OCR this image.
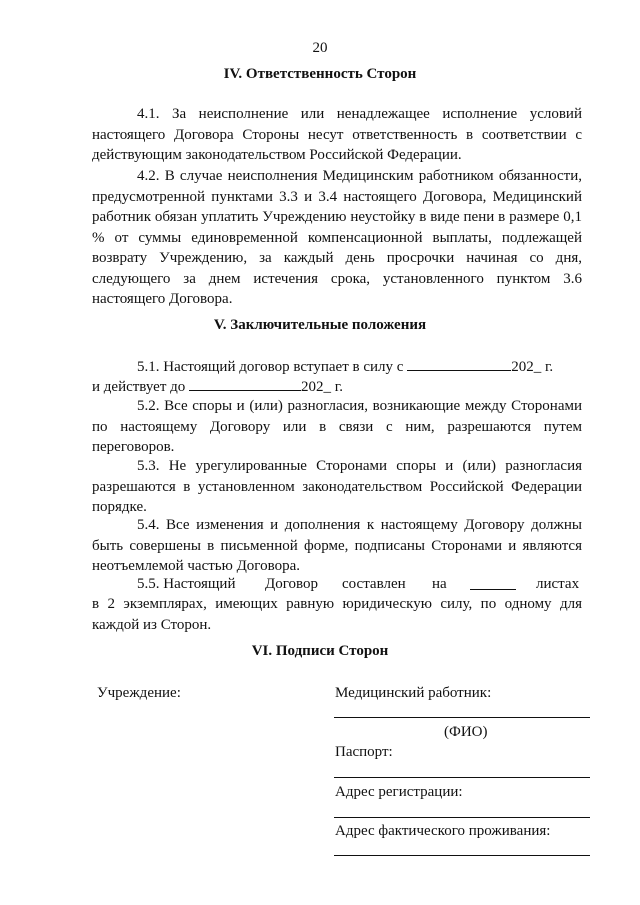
20
IV. Ответственность Сторон

4.1. За неисполнение или ненадлежащее исполнение условий настоящего Договора Стороны несут ответственность в соответствии с действующим законодательством Российской Федерации.

4.2. В случае неисполнения Медицинским работником обязанности, предусмотренной пунктами 3.3 и 3.4 настоящего Договора, Медицинский работник обязан уплатить Учреждению неустойку в виде пени в размере 0,1 % от суммы единовременной компенсационной выплаты, подлежащей возврату Учреждению, за каждый день просрочки начиная со дня, следующего за днем истечения срока, установленного пунктом 3.6 настоящего Договора.

V. Заключительные положения
5.1. Настоящий договор вступает в силу с	202_ г.
и действует до	202_ г.

5.2. Все споры и (или) разногласия, возникающие между Сторонами по настоящему Договору или в связи с ним, разрешаются путем переговоров.

5.3. Не урегулированные Сторонами споры и (или) разногласия разрешаются в установленном законодательством Российской Федерации порядке.

5.4. Все изменения и дополнения к настоящему Договору должны быть совершены в письменной форме, подписаны Сторонами и являются неотъемлемой частью Договора.

5.5. Настоящий Договор составлен на	листах

в 2 экземплярах, имеющих равную юридическую силу, по одному для каждой из Сторон.

VI. Подписи Сторон
Учреждение:	Медицинский работник:
(ФИО)
Паспорт:
Адрес регистрации:
Адрес фактического проживания:
